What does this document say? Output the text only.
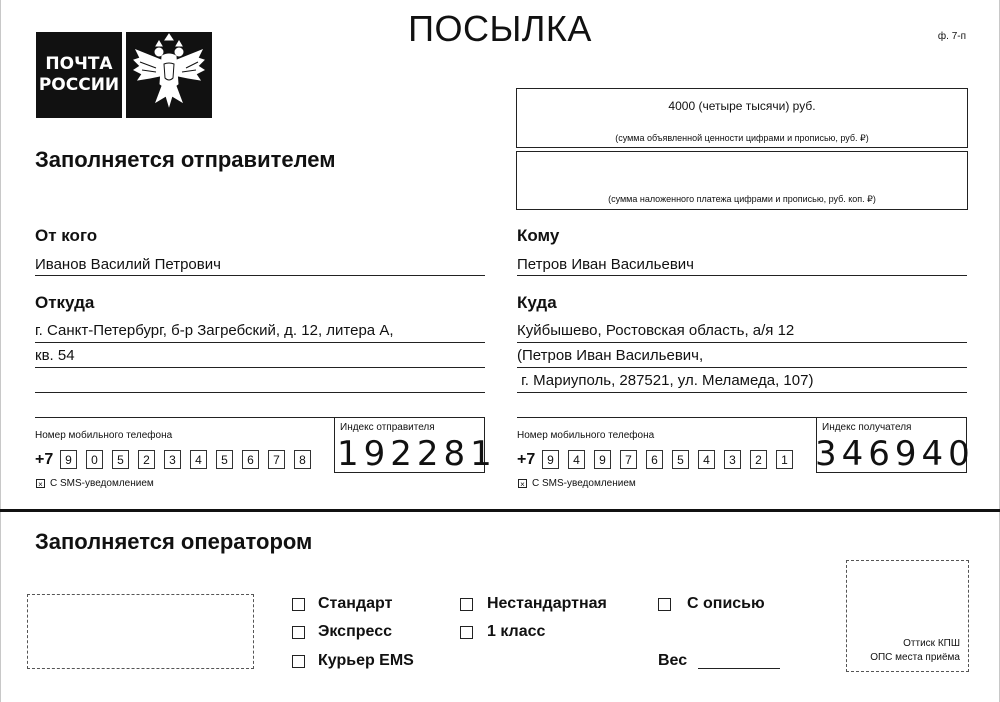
ПОСЫЛКА	ф. 7-п
ПОЧТА
РОССИИ
4000 (четыре тысячи) руб.
(сумма объявленной ценности цифрами и прописью, руб. ₽)
(сумма наложенного платежа цифрами и прописью, руб. коп. ₽)
Заполняется отправителем
От кого
Иванов Василий Петрович
Откуда
г. Санкт-Петербург, б-р Загребский, д. 12, литера А,
кв. 54
Номер мобильного телефона
+7 9	0	5	2	3	4	5	6	7	8
Индекс отправителя
192281
× С SMS-уведомлением
Кому
Петров Иван Васильевич
Куда
Куйбышево, Ростовская область, а/я 12
(Петров Иван Васильевич,
г. Мариуполь, 287521, ул. Меламеда, 107)
Номер мобильного телефона
+7 9	4	9	7	6	5	4	3	2	1
Индекс получателя
346940
× С SMS-уведомлением
Заполняется оператором
Стандарт
Экспресс
Курьер EMS
Нестандартная
1 класс
С описью
Вес
Оттиск КПШ
ОПС места приёма
